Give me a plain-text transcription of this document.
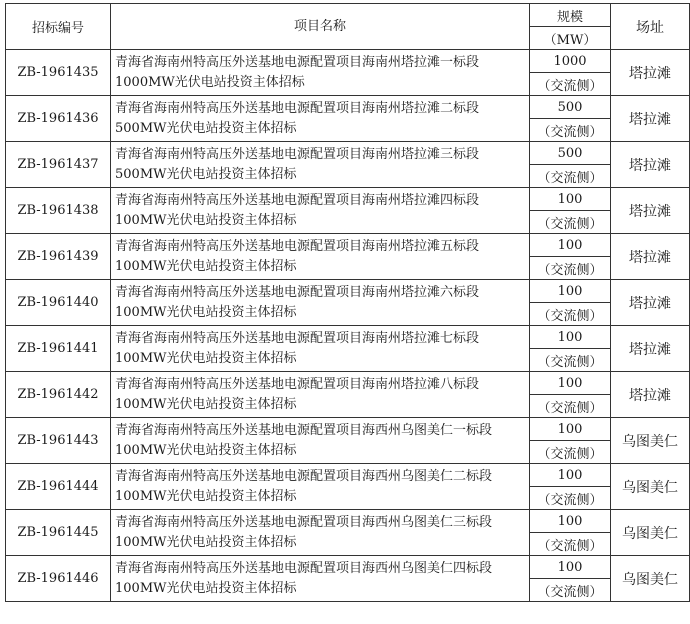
招标编号	项目名称	规模	场址
		（MW）	
ZB-1961435	青海省海南州特高压外送基地电源配置项目海南州塔拉滩一标段
1000MW光伏电站投资主体招标	1000	塔拉滩
		（交流侧）	
ZB-1961436	青海省海南州特高压外送基地电源配置项目海南州塔拉滩二标段
500MW光伏电站投资主体招标	500	塔拉滩
		（交流侧）	
ZB-1961437	青海省海南州特高压外送基地电源配置项目海南州塔拉滩三标段
500MW光伏电站投资主体招标	500	塔拉滩
		（交流侧）	
ZB-1961438	青海省海南州特高压外送基地电源配置项目海南州塔拉滩四标段
100MW光伏电站投资主体招标	100	塔拉滩
		（交流侧）	
ZB-1961439	青海省海南州特高压外送基地电源配置项目海南州塔拉滩五标段
100MW光伏电站投资主体招标	100	塔拉滩
		（交流侧）	
ZB-1961440	青海省海南州特高压外送基地电源配置项目海南州塔拉滩六标段
100MW光伏电站投资主体招标	100	塔拉滩
		（交流侧）	
ZB-1961441	青海省海南州特高压外送基地电源配置项目海南州塔拉滩七标段
100MW光伏电站投资主体招标	100	塔拉滩
		（交流侧）	
ZB-1961442	青海省海南州特高压外送基地电源配置项目海南州塔拉滩八标段
100MW光伏电站投资主体招标	100	塔拉滩
		（交流侧）	
ZB-1961443	青海省海南州特高压外送基地电源配置项目海西州乌图美仁一标段
100MW光伏电站投资主体招标	100	乌图美仁
		（交流侧）	
ZB-1961444	青海省海南州特高压外送基地电源配置项目海西州乌图美仁二标段
100MW光伏电站投资主体招标	100	乌图美仁
		（交流侧）	
ZB-1961445	青海省海南州特高压外送基地电源配置项目海西州乌图美仁三标段
100MW光伏电站投资主体招标	100	乌图美仁
		（交流侧）	
ZB-1961446	青海省海南州特高压外送基地电源配置项目海西州乌图美仁四标段
100MW光伏电站投资主体招标	100	乌图美仁
		（交流侧）	
